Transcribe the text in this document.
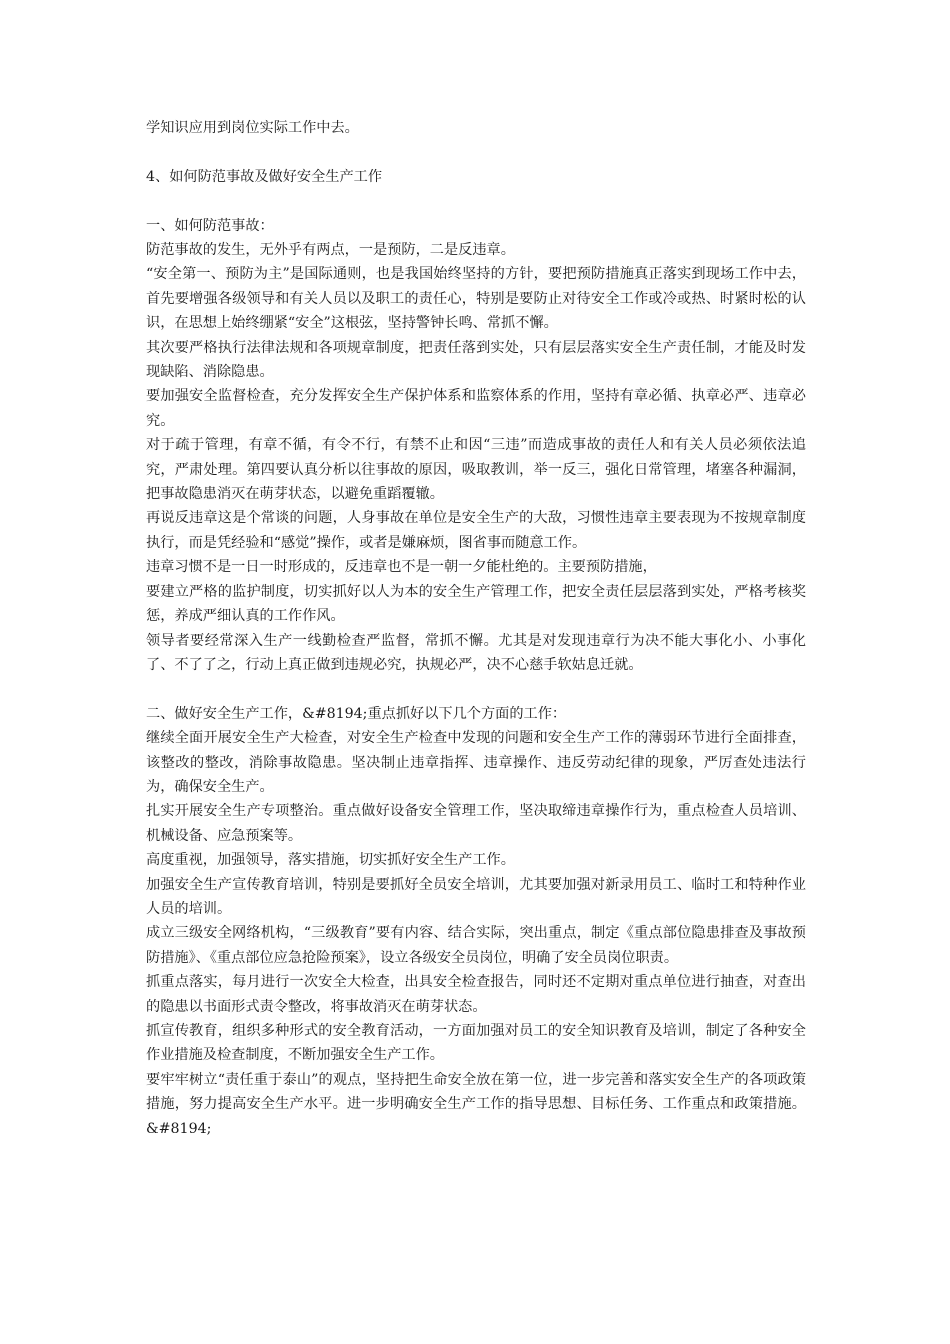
学知识应用到岗位实际工作中去。

4、如何防范事故及做好安全生产工作

一、如何防范事故：

防范事故的发生，无外乎有两点，一是预防，二是反违章。

“安全第一、预防为主”是国际通则，也是我国始终坚持的方针，要把预防措施真正落实到现场工作中去，首先要增强各级领导和有关人员以及职工的责任心，特别是要防止对待安全工作或冷或热、时紧时松的认识，在思想上始终绷紧“安全”这根弦，坚持警钟长鸣、常抓不懈。

其次要严格执行法律法规和各项规章制度，把责任落到实处，只有层层落实安全生产责任制，才能及时发现缺陷、消除隐患。

要加强安全监督检查，充分发挥安全生产保护体系和监察体系的作用，坚持有章必循、执章必严、违章必究。

对于疏于管理，有章不循，有令不行，有禁不止和因“三违”而造成事故的责任人和有关人员必须依法追究，严肃处理。第四要认真分析以往事故的原因，吸取教训，举一反三，强化日常管理，堵塞各种漏洞，把事故隐患消灭在萌芽状态，以避免重蹈覆辙。

再说反违章这是个常谈的问题，人身事故在单位是安全生产的大敌，习惯性违章主要表现为不按规章制度执行，而是凭经验和“感觉”操作，或者是嫌麻烦，图省事而随意工作。

违章习惯不是一日一时形成的，反违章也不是一朝一夕能杜绝的。主要预防措施，

要建立严格的监护制度，切实抓好以人为本的安全生产管理工作，把安全责任层层落到实处，严格考核奖惩，养成严细认真的工作作风。

领导者要经常深入生产一线勤检查严监督，常抓不懈。尤其是对发现违章行为决不能大事化小、小事化了、不了了之，行动上真正做到违规必究，执规必严，决不心慈手软姑息迁就。

二、做好安全生产工作，&#8194;重点抓好以下几个方面的工作：

继续全面开展安全生产大检查，对安全生产检查中发现的问题和安全生产工作的薄弱环节进行全面排查，该整改的整改，消除事故隐患。坚决制止违章指挥、违章操作、违反劳动纪律的现象，严厉查处违法行为，确保安全生产。

扎实开展安全生产专项整治。重点做好设备安全管理工作，坚决取缔违章操作行为，重点检查人员培训、机械设备、应急预案等。

高度重视，加强领导，落实措施，切实抓好安全生产工作。

加强安全生产宣传教育培训，特别是要抓好全员安全培训，尤其要加强对新录用员工、临时工和特种作业人员的培训。

成立三级安全网络机构，“三级教育”要有内容、结合实际，突出重点，制定《重点部位隐患排查及事故预防措施》、《重点部位应急抢险预案》，设立各级安全员岗位，明确了安全员岗位职责。

抓重点落实，每月进行一次安全大检查，出具安全检查报告，同时还不定期对重点单位进行抽查，对查出的隐患以书面形式责令整改，将事故消灭在萌芽状态。

抓宣传教育，组织多种形式的安全教育活动，一方面加强对员工的安全知识教育及培训，制定了各种安全作业措施及检查制度，不断加强安全生产工作。

要牢牢树立“责任重于泰山”的观点，坚持把生命安全放在第一位，进一步完善和落实安全生产的各项政策措施，努力提高安全生产水平。进一步明确安全生产工作的指导思想、目标任务、工作重点和政策措施。&#8194;
